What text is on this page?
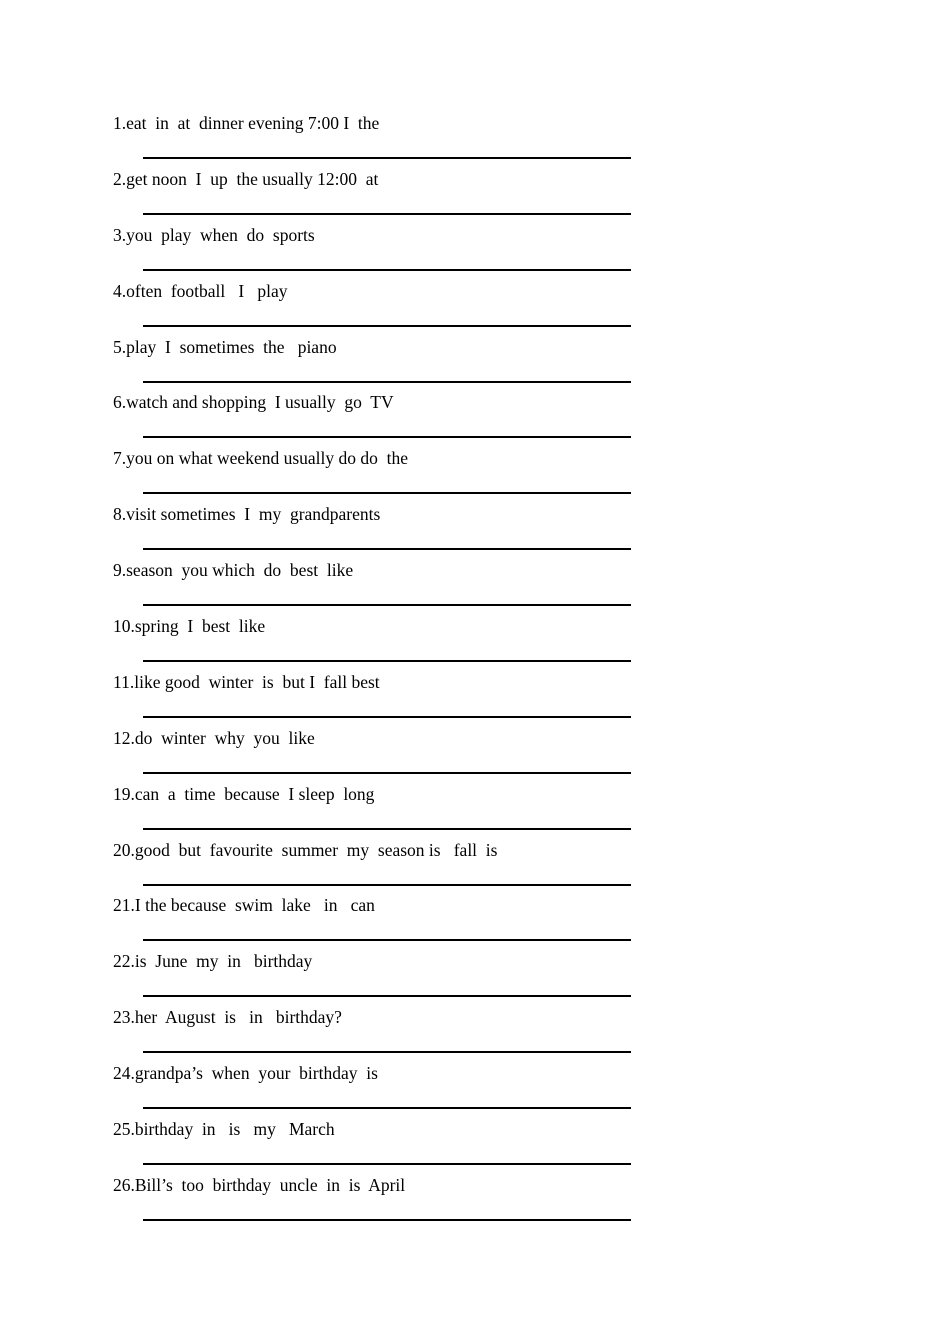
1.eat  in  at  dinner evening 7:00 I  the
2.get noon  I  up  the usually 12:00  at
3.you  play  when  do  sports
4.often  football   I   play
5.play  I  sometimes  the   piano
6.watch and shopping  I usually  go  TV
7.you on what weekend usually do do  the
8.visit sometimes  I  my  grandparents
9.season  you which  do  best  like
10.spring  I  best  like
11.like good  winter  is  but I  fall best
12.do  winter  why  you  like
19.can  a  time  because  I sleep  long
20.good  but  favourite  summer  my  season is   fall  is
21.I the because  swim  lake   in   can
22.is  June  my  in   birthday
23.her  August  is   in   birthday?
24.grandpa’s  when  your  birthday  is
25.birthday  in   is   my   March
26.Bill’s  too  birthday  uncle  in  is  April
